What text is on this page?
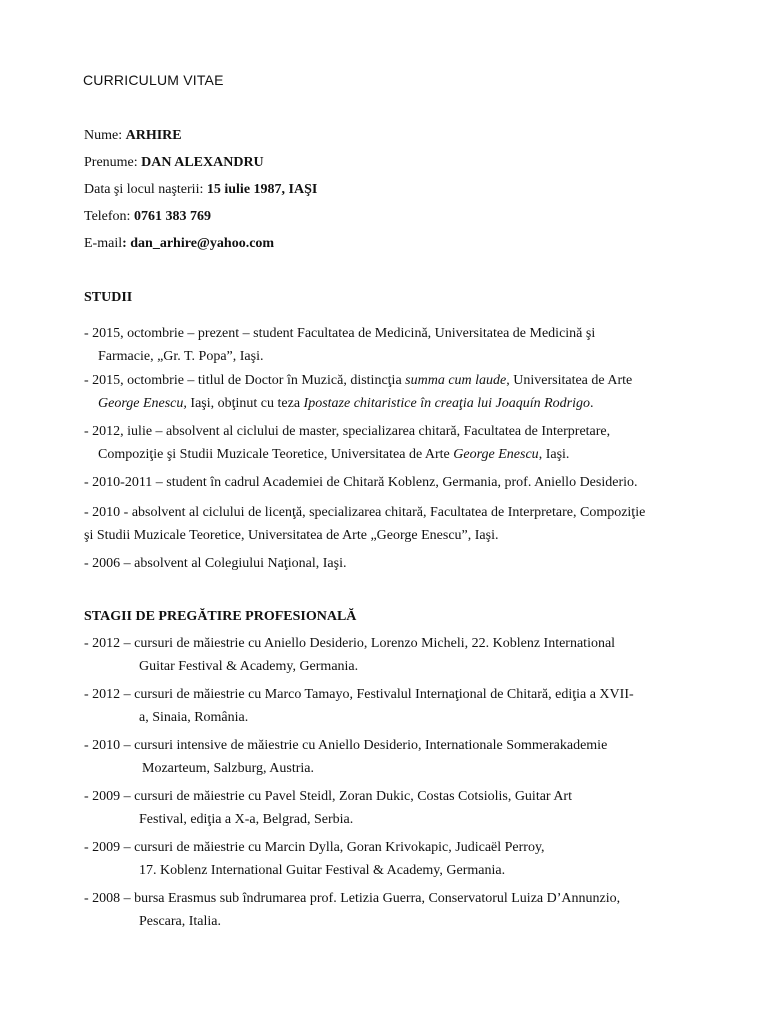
CURRICULUM VITAE
Nume: ARHIRE
Prenume: DAN ALEXANDRU
Data şi locul naşterii: 15 iulie 1987, IAŞI
Telefon: 0761 383 769
E-mail: dan_arhire@yahoo.com
STUDII
- 2015, octombrie – prezent – student Facultatea de Medicină, Universitatea de Medicină şi
Farmacie, „Gr. T. Popa”, Iaşi.
- 2015, octombrie – titlul de Doctor în Muzică, distincţia summa cum laude, Universitatea de Arte
George Enescu, Iaşi, obţinut cu teza Ipostaze chitaristice în creaţia lui Joaquín Rodrigo.
- 2012, iulie – absolvent al ciclului de master, specializarea chitară, Facultatea de Interpretare,
Compoziţie şi Studii Muzicale Teoretice, Universitatea de Arte George Enescu, Iaşi.
- 2010-2011 – student în cadrul Academiei de Chitară Koblenz, Germania, prof. Aniello Desiderio.
- 2010 - absolvent al ciclului de licenţă, specializarea chitară, Facultatea de Interpretare, Compoziţie
şi Studii Muzicale Teoretice, Universitatea de Arte „George Enescu”, Iaşi.
- 2006 – absolvent al Colegiului Naţional, Iaşi.
STAGII DE PREGĂTIRE PROFESIONALĂ
- 2012 – cursuri de măiestrie cu Aniello Desiderio, Lorenzo Micheli, 22. Koblenz International
Guitar Festival & Academy, Germania.
- 2012 – cursuri de măiestrie cu Marco Tamayo, Festivalul Internaţional de Chitară, ediţia a XVII-
a, Sinaia, România.
- 2010 – cursuri intensive de măiestrie cu Aniello Desiderio, Internationale Sommerakademie
Mozarteum, Salzburg, Austria.
- 2009 – cursuri de măiestrie cu Pavel Steidl, Zoran Dukic, Costas Cotsiolis, Guitar Art
Festival, ediţia a X-a, Belgrad, Serbia.
- 2009 – cursuri de măiestrie cu Marcin Dylla, Goran Krivokapic, Judicaël Perroy,
17. Koblenz International Guitar Festival & Academy, Germania.
- 2008 – bursa Erasmus sub îndrumarea prof. Letizia Guerra, Conservatorul Luiza D’Annunzio,
Pescara, Italia.
